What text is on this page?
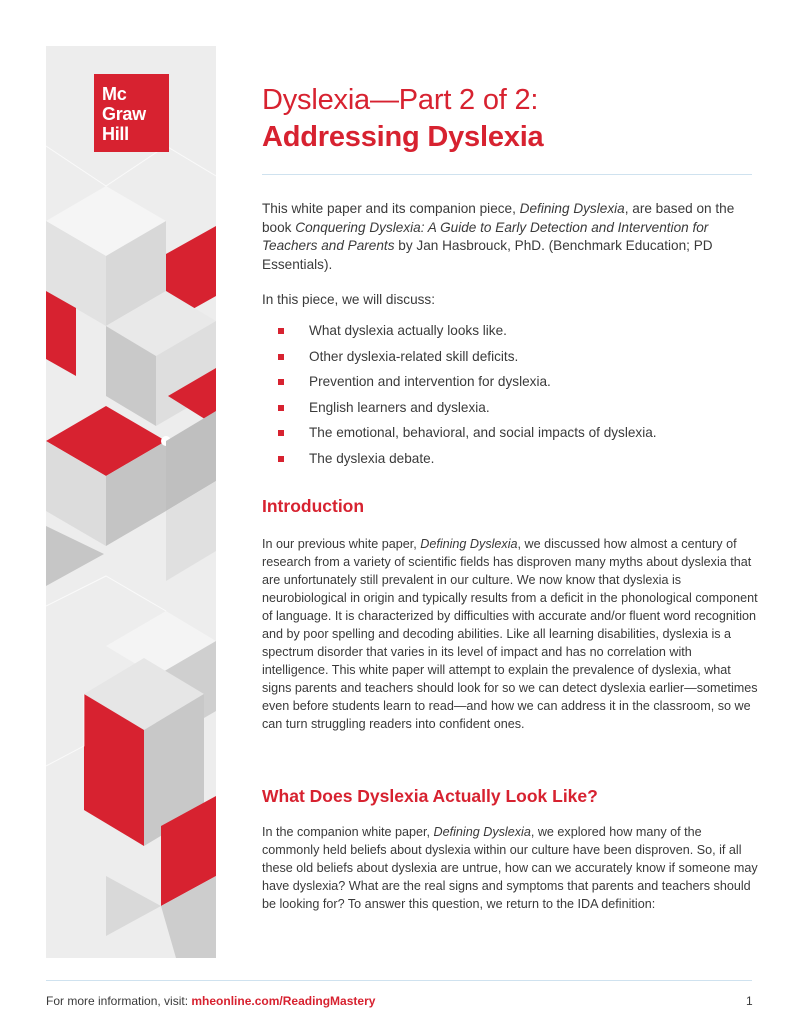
Mc
Graw
Hill
Dyslexia—Part 2 of 2:
Addressing Dyslexia

This white paper and its companion piece, Defining Dyslexia, are based on the book Conquering Dyslexia: A Guide to Early Detection and Intervention for Teachers and Parents by Jan Hasbrouck, PhD. (Benchmark Education; PD Essentials).

In this piece, we will discuss:

What dyslexia actually looks like.
Other dyslexia-related skill deficits.
Prevention and intervention for dyslexia.
English learners and dyslexia.
The emotional, behavioral, and social impacts of dyslexia.
The dyslexia debate.
Introduction

In our previous white paper, Defining Dyslexia, we discussed how almost a century of research from a variety of scientific fields has disproven many myths about dyslexia that are unfortunately still prevalent in our culture. We now know that dyslexia is neurobiological in origin and typically results from a deficit in the phonological component of language. It is characterized by difficulties with accurate and/or fluent word recognition and by poor spelling and decoding abilities. Like all learning disabilities, dyslexia is a spectrum disorder that varies in its level of impact and has no correlation with intelligence. This white paper will attempt to explain the prevalence of dyslexia, what signs parents and teachers should look for so we can detect dyslexia earlier—sometimes even before students learn to read—and how we can address it in the classroom, so we can turn struggling readers into confident ones.

What Does Dyslexia Actually Look Like?

In the companion white paper, Defining Dyslexia, we explored how many of the commonly held beliefs about dyslexia within our culture have been disproven. So, if all these old beliefs about dyslexia are untrue, how can we accurately know if someone may have dyslexia? What are the real signs and symptoms that parents and teachers should be looking for? To answer this question, we return to the IDA definition:

For more information, visit: mheonline.com/ReadingMastery	1
